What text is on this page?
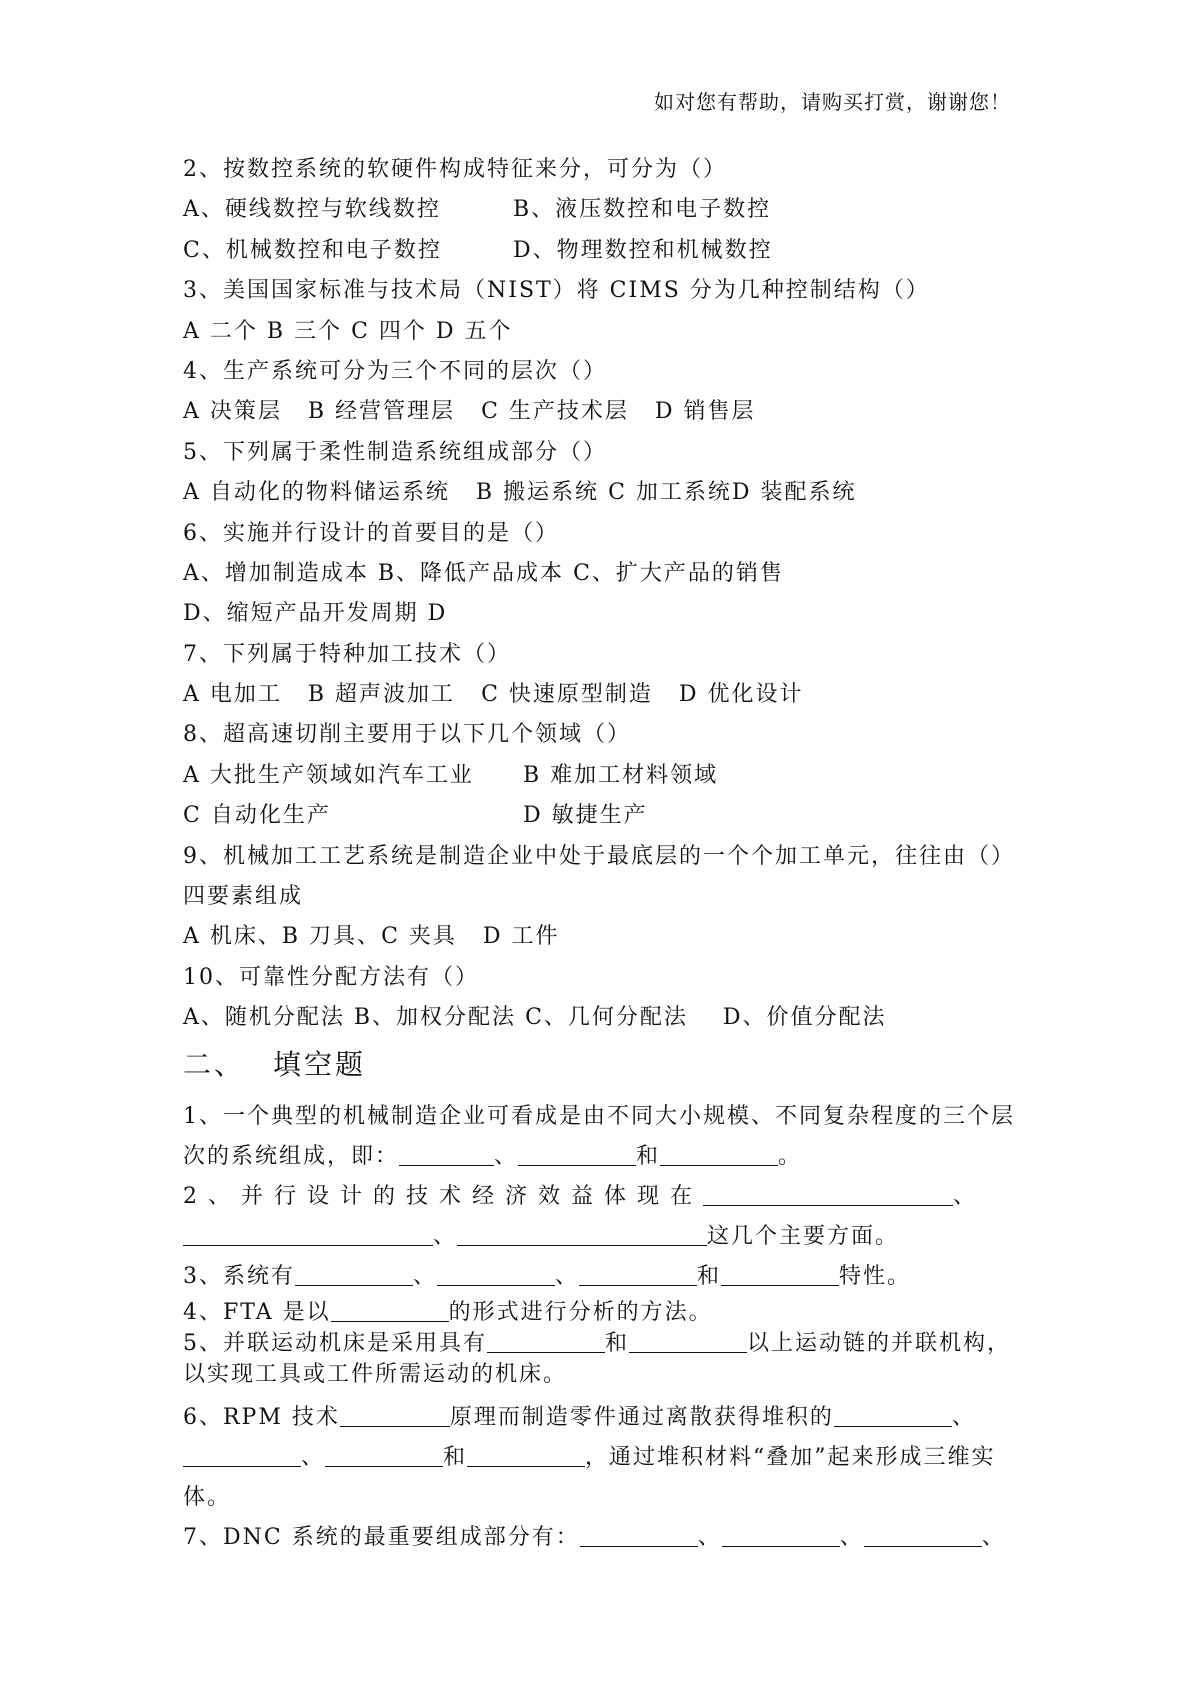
如对您有帮助，请购买打赏，谢谢您！
2、按数控系统的软硬件构成特征来分，可分为（）
A、硬线数控与软线数控	B、液压数控和电子数控
C、机械数控和电子数控	D、物理数控和机械数控
3、美国国家标准与技术局（NIST）将 CIMS 分为几种控制结构（）
A 二个 B 三个 C 四个 D 五个
4、生产系统可分为三个不同的层次（）
A 决策层 B 经营管理层 C 生产技术层 D 销售层
5、下列属于柔性制造系统组成部分（）
A 自动化的物料储运系统 B 搬运系统 C 加工系统D 装配系统
6、实施并行设计的首要目的是（）
A、增加制造成本 B、降低产品成本 C、扩大产品的销售
D、缩短产品开发周期 D
7、下列属于特种加工技术（）
A 电加工 B 超声波加工 C 快速原型制造 D 优化设计
8、超高速切削主要用于以下几个领域（）
A 大批生产领域如汽车工业 B 难加工材料领域
C 自动化生产	D 敏捷生产
9、机械加工工艺系统是制造企业中处于最底层的一个个加工单元，往往由（）
四要素组成
A 机床、B 刀具、C 夹具 D 工件
10、可靠性分配方法有（）
A、随机分配法 B、加权分配法 C、几何分配法 D、价值分配法
二、 填空题
1、一个典型的机械制造企业可看成是由不同大小规模、不同复杂程度的三个层
次的系统组成，即：	、	和	。
2、并行设计的技术经济效益体现在	、
、	这几个主要方面。
3、系统有	、	、	和	特性。
4、FTA 是以	的形式进行分析的方法。
5、并联运动机床是采用具有	和	以上运动链的并联机构，
以实现工具或工件所需运动的机床。
6、RPM 技术	原理而制造零件通过离散获得堆积的	、
、	和	，通过堆积材料“叠加”起来形成三维实
体。
7、DNC 系统的最重要组成部分有：	、	、	、
